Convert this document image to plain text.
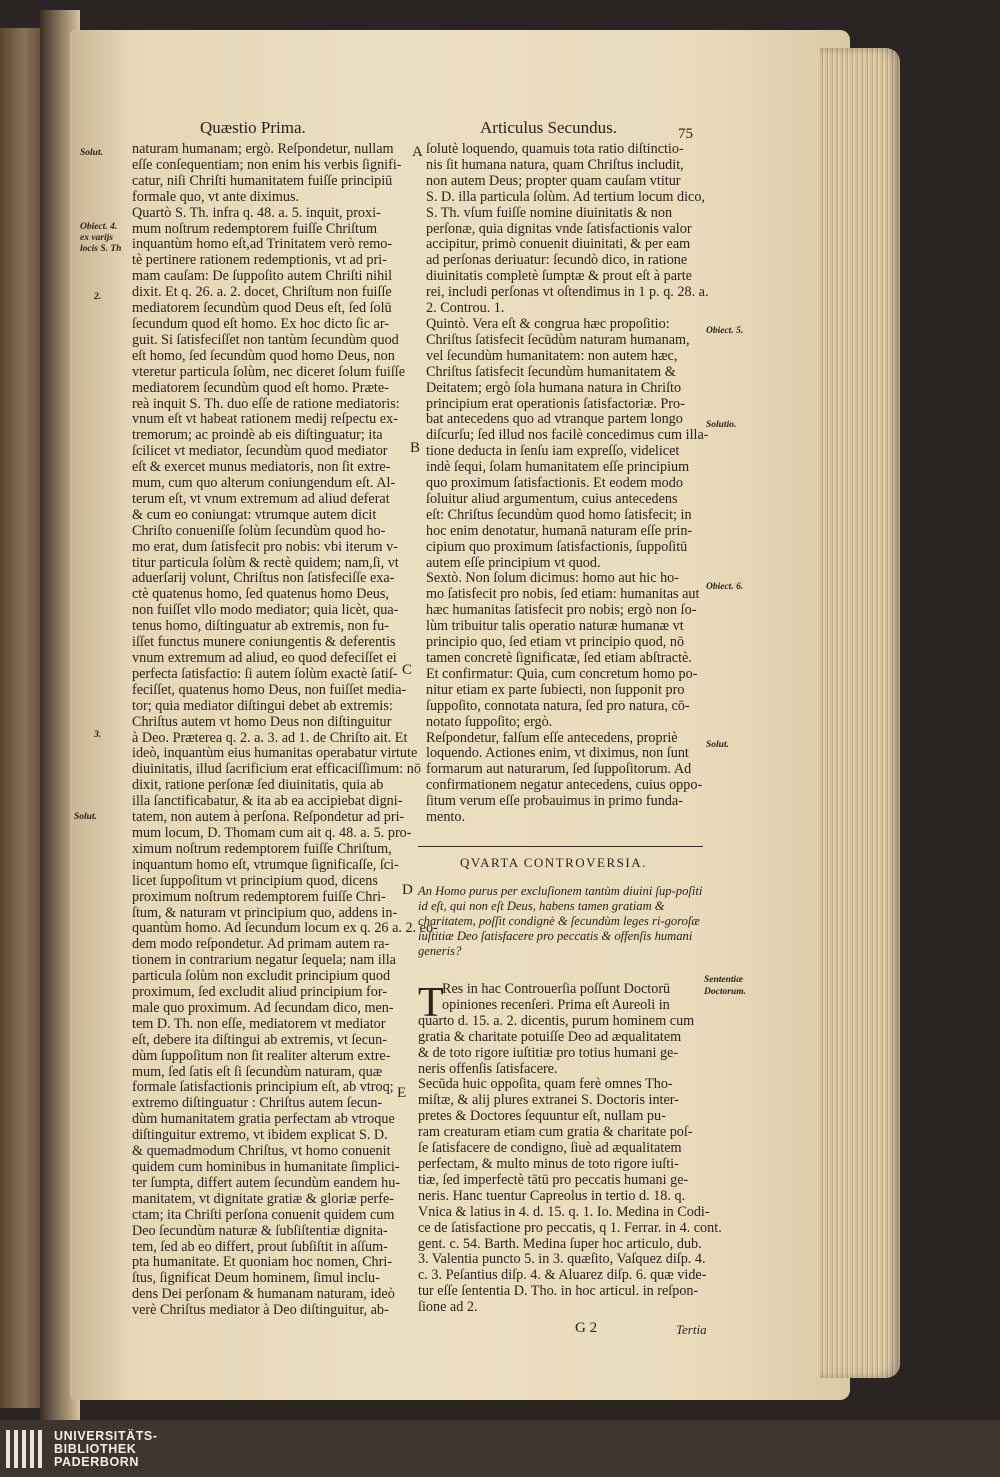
Quæstio Prima.	Articulus Secundus.	75
Solut.
Obiect. 4.
ex varijs
locis S. Th
2.
3.
Solut.
Obiect. 5.
Solutio.
Obiect. 6.
Solut.
Sententiæ
Doctorum.
A
B
C
D
E
naturam humanam; ergò. Reſpondetur, nullam
eſſe conſequentiam; non enim his verbis ſignifi-
catur, niſi Chriſti humanitatem fuiſſe principiū
formale quo, vt ante diximus.
Quartò S. Th. infra q. 48. a. 5. inquit, proxi-
mum noſtrum redemptorem fuiſſe Chriſtum
inquantùm homo eſt,ad Trinitatem verò remo-
tè pertinere rationem redemptionis, vt ad pri-
mam cauſam: De ſuppoſito autem Chriſti nihil
dixit. Et q. 26. a. 2. docet, Chriſtum non fuiſſe
mediatorem ſecundùm quod Deus eſt, ſed ſolū
ſecundum quod eſt homo. Ex hoc dicto ſic ar-
guit. Si ſatisfeciſſet non tantùm ſecundùm quod
eſt homo, ſed ſecundùm quod homo Deus, non
vteretur particula ſolùm, nec diceret ſolum fuiſſe
mediatorem ſecundùm quod eſt homo. Præte-
reà inquit S. Th. duo eſſe de ratione mediatoris:
vnum eſt vt habeat rationem medij reſpectu ex-
tremorum; ac proindè ab eis diſtinguatur; ita
ſcilicet vt mediator, ſecundùm quod mediator
eſt & exercet munus mediatoris, non ſit extre-
mum, cum quo alterum coniungendum eſt. Al-
terum eſt, vt vnum extremum ad aliud deferat
& cum eo coniungat: vtrumque autem dicit
Chriſto conueniſſe ſolùm ſecundùm quod ho-
mo erat, dum ſatisfecit pro nobis: vbi iterum v-
titur particula ſolùm & rectè quidem; nam,ſi, vt
aduerſarij volunt, Chriſtus non ſatisfeciſſe exa-
ctè quatenus homo, ſed quatenus homo Deus,
non fuiſſet vllo modo mediator; quia licèt, qua-
tenus homo, diſtinguatur ab extremis, non fu-
iſſet functus munere coniungentis & deferentis
vnum extremum ad aliud, eo quod defeciſſet ei
perfecta ſatisfactio: ſi autem ſolùm exactè ſatiſ-
feciſſet, quatenus homo Deus, non fuiſſet media-
tor; quia mediator diſtingui debet ab extremis:
Chriſtus autem vt homo Deus non diſtinguitur
à Deo. Præterea q. 2. a. 3. ad 1. de Chriſto ait. Et
ideò, inquantùm eius humanitas operabatur virtute
diuinitatis, illud ſacrificium erat efficaciſſimum: nō
dixit, ratione perſonæ ſed diuinitatis, quia ab
illa ſanctificabatur, & ita ab ea accipiebat digni-
tatem, non autem à perſona. Reſpondetur ad pri-
mum locum, D. Thomam cum ait q. 48. a. 5. pro-
ximum noſtrum redemptorem fuiſſe Chriſtum,
inquantum homo eſt, vtrumque ſignificaſſe, ſci-
licet ſuppoſitum vt principium quod, dicens
proximum noſtrum redemptorem fuiſſe Chri-
ſtum, & naturam vt principium quo, addens in-
quantùm homo. Ad ſecundum locum ex q. 26 a. 2. eo-
dem modo reſpondetur. Ad primam autem ra-
tionem in contrarium negatur ſequela; nam illa
particula ſolùm non excludit principium quod
proximum, ſed excludit aliud principium for-
male quo proximum. Ad ſecundam dico, men-
tem D. Th. non eſſe, mediatorem vt mediator
eſt, debere ita diſtingui ab extremis, vt ſecun-
dùm ſuppoſitum non ſit realiter alterum extre-
mum, ſed ſatis eſt ſi ſecundùm naturam, quæ
formale ſatisfactionis principium eſt, ab vtroq;
extremo diſtinguatur : Chriſtus autem ſecun-
dùm humanitatem gratia perfectam ab vtroque
diſtinguitur extremo, vt ibidem explicat S. D.
& quemadmodum Chriſtus, vt homo conuenit
quidem cum hominibus in humanitate ſimplici-
ter ſumpta, differt autem ſecundùm eandem hu-
manitatem, vt dignitate gratiæ & gloriæ perfe-
ctam; ita Chriſti perſona conuenit quidem cum
Deo ſecundùm naturæ & ſubſiſtentiæ dignita-
tem, ſed ab eo differt, prout ſubſiſtit in aſſum-
pta humanitate. Et quoniam hoc nomen, Chri-
ſtus, ſignificat Deum hominem, ſimul inclu-
dens Dei perſonam & humanam naturam, ideò
verè Chriſtus mediator à Deo diſtinguitur, ab-
ſolutè loquendo, quamuis tota ratio diſtinctio-
nis ſit humana natura, quam Chriſtus includit,
non autem Deus; propter quam cauſam vtitur
S. D. illa particula ſolùm. Ad tertium locum dico,
S. Th. vſum fuiſſe nomine diuinitatis & non
perſonæ, quia dignitas vnde ſatisfactionis valor
accipitur, primò conuenit diuinitati, & per eam
ad perſonas deriuatur: ſecundò dico, in ratione
diuinitatis completè ſumptæ & prout eſt à parte
rei, includi perſonas vt oſtendimus in 1 p. q. 28. a.
2. Controu. 1.
Quintò. Vera eſt & congrua hæc propoſitio:
Chriſtus ſatisfecit ſecūdùm naturam humanam,
vel ſecundùm humanitatem: non autem hæc,
Chriſtus ſatisfecit ſecundùm humanitatem &
Deitatem; ergò ſola humana natura in Chriſto
principium erat operationis ſatisfactoriæ. Pro-
bat antecedens quo ad vtranque partem longo
diſcurſu; ſed illud nos facilè concedimus cum illa-
tione deducta in ſenſu iam expreſſo, videlicet
indè ſequi, ſolam humanitatem eſſe principium
quo proximum ſatisfactionis. Et eodem modo
ſoluitur aliud argumentum, cuius antecedens
eſt: Chriſtus ſecundùm quod homo ſatisfecit; in
hoc enim denotatur, humanā naturam eſſe prin-
cipium quo proximum ſatisfactionis, ſuppoſitū
autem eſſe principium vt quod.
Sextò. Non ſolum dicimus: homo aut hic ho-
mo ſatisfecit pro nobis, ſed etiam: humanitas aut
hæc humanitas ſatisfecit pro nobis; ergò non ſo-
lùm tribuitur talis operatio naturæ humanæ vt
principio quo, ſed etiam vt principio quod, nō
tamen concretè ſignificatæ, ſed etiam abſtractè.
Et confirmatur: Quia, cum concretum homo po-
nitur etiam ex parte ſubiecti, non ſupponit pro
ſuppoſito, connotata natura, ſed pro natura, cō-
notato ſuppoſito; ergò.
Reſpondetur, falſum eſſe antecedens, propriè
loquendo. Actiones enim, vt diximus, non ſunt
formarum aut naturarum, ſed ſuppoſitorum. Ad
confirmationem negatur antecedens, cuius oppo-
ſitum verum eſſe probauimus in primo funda-
mento.
QVARTA CONTROVERSIA.
An Homo purus per excluſionem tantùm diuini ſup-poſiti id eſt, qui non eſt Deus, habens tamen gratiam & charitatem, poſſit condignè & ſecundùm leges ri-goroſæ iuſtitiæ Deo ſatisfacere pro peccatis & offenſis humani generis?
T
Res in hac Controuerſia poſſunt Doctorū
opiniones recenſeri. Prima eſt Aureoli in
quarto d. 15. a. 2. dicentis, purum hominem cum
gratia & charitate potuiſſe Deo ad æqualitatem
& de toto rigore iuſtitiæ pro totius humani ge-
neris offenſis ſatisfacere.
Secūda huic oppoſita, quam ferè omnes Tho-
miſtæ, & alij plures extranei S. Doctoris inter-
pretes & Doctores ſequuntur eſt, nullam pu-
ram creaturam etiam cum gratia & charitate poſ-
ſe ſatisfacere de condigno, ſiuè ad æqualitatem
perfectam, & multo minus de toto rigore iuſti-
tiæ, ſed imperfectè tātū pro peccatis humani ge-
neris. Hanc tuentur Capreolus in tertio d. 18. q.
Vnica & latius in 4. d. 15. q. 1. Io. Medina in Codi-
ce de ſatisfactione pro peccatis, q 1. Ferrar. in 4. cont.
gent. c. 54. Barth. Medina ſuper hoc articulo, dub.
3. Valentia puncto 5. in 3. quæſito, Vaſquez diſp. 4.
c. 3. Peſantius diſp. 4. & Aluarez diſp. 6. quæ vide-
tur eſſe ſententia D. Tho. in hoc articul. in reſpon-
ſione ad 2.
G 2	Tertia
UNIVERSITÄTS-
BIBLIOTHEK
PADERBORN
